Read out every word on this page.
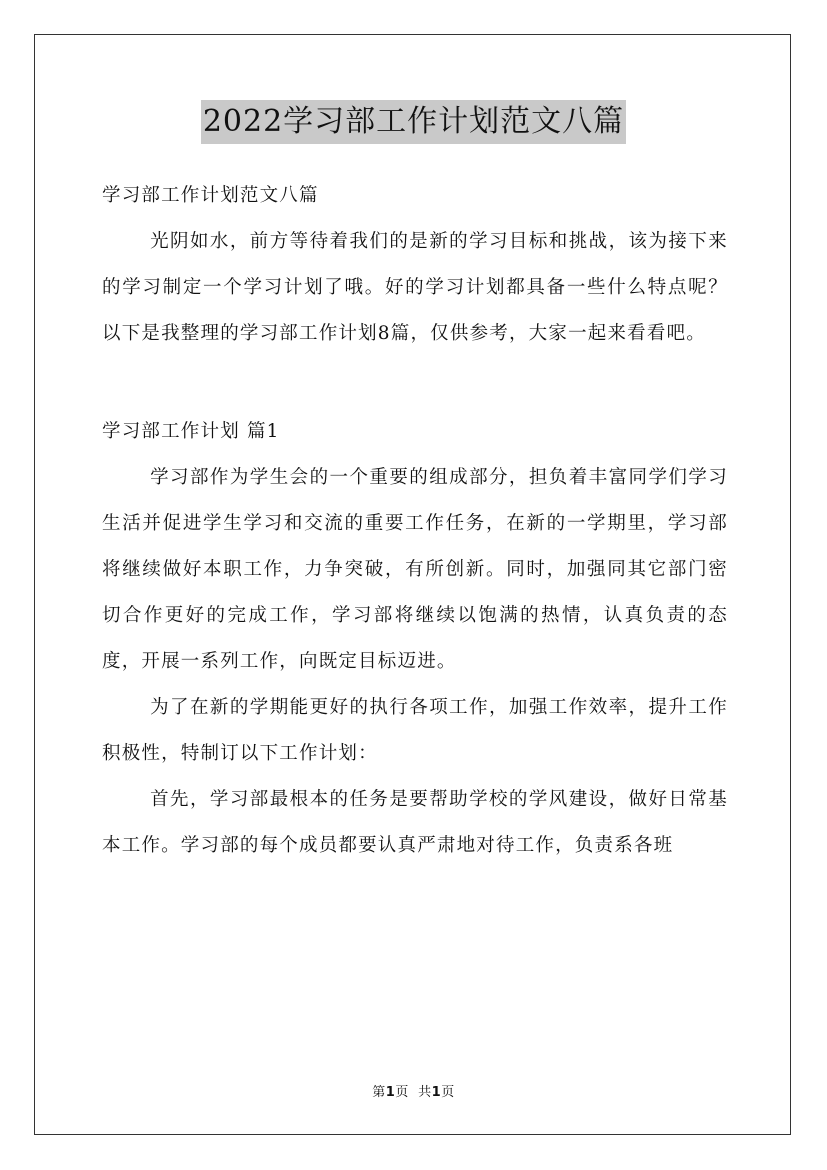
2022学习部工作计划范文八篇

学习部工作计划范文八篇

光阴如水，前方等待着我们的是新的学习目标和挑战，该为接下来的学习制定一个学习计划了哦。好的学习计划都具备一些什么特点呢？以下是我整理的学习部工作计划8篇，仅供参考，大家一起来看看吧。

学习部工作计划 篇1

学习部作为学生会的一个重要的组成部分，担负着丰富同学们学习生活并促进学生学习和交流的重要工作任务，在新的一学期里，学习部将继续做好本职工作，力争突破，有所创新。同时，加强同其它部门密切合作更好的完成工作，学习部将继续以饱满的热情，认真负责的态度，开展一系列工作，向既定目标迈进。

为了在新的学期能更好的执行各项工作，加强工作效率，提升工作积极性，特制订以下工作计划：

首先，学习部最根本的任务是要帮助学校的学风建设，做好日常基本工作。学习部的每个成员都要认真严肃地对待工作，负责系各班

第1页 共1页
